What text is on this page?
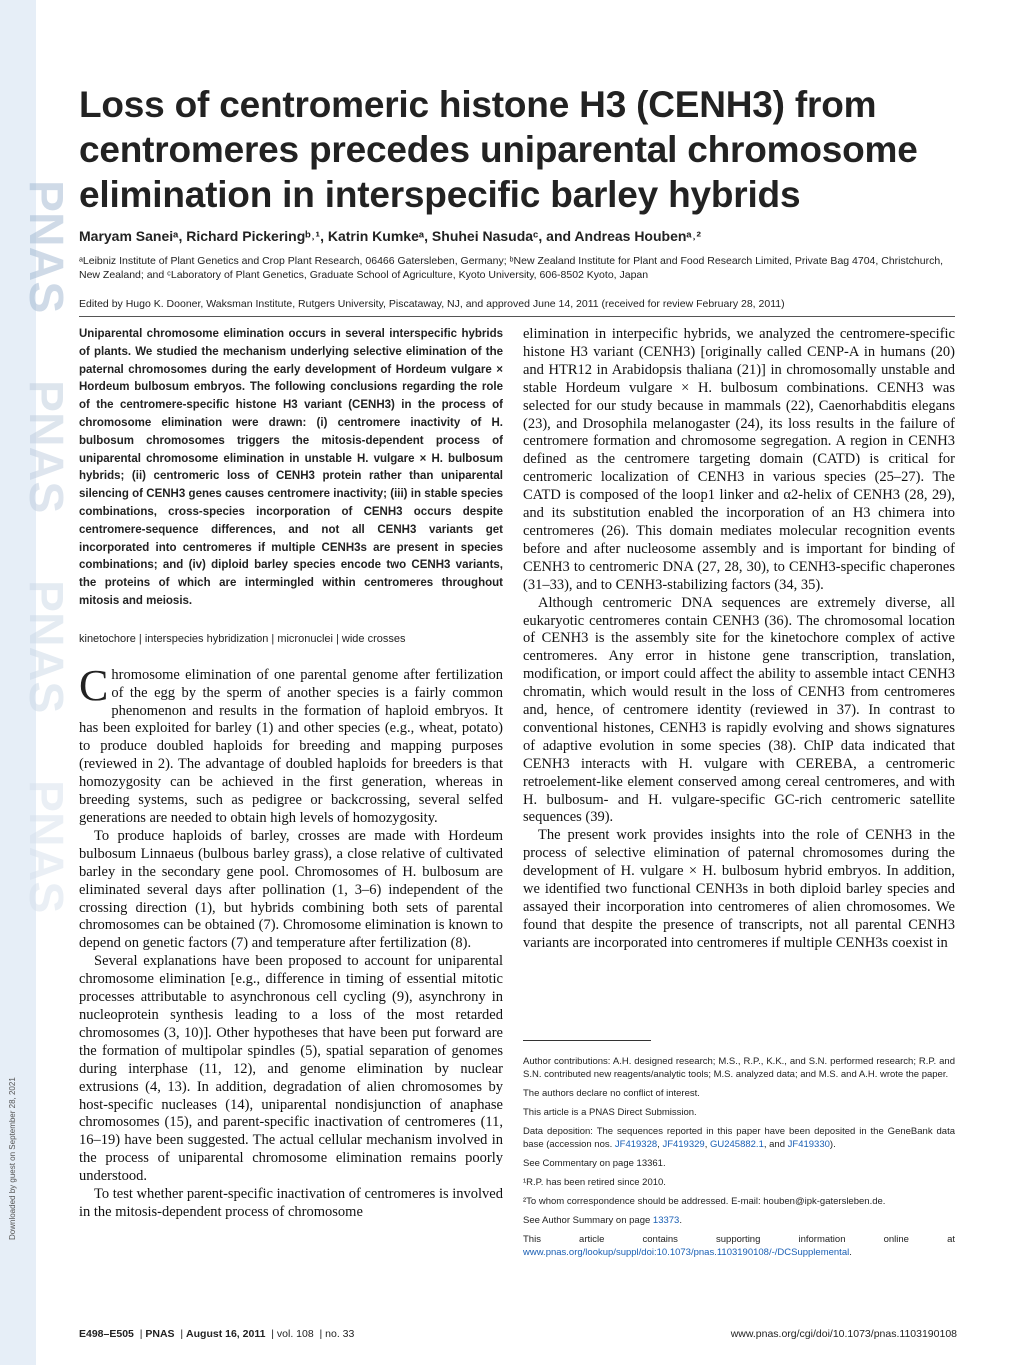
PNAS
PNAS
PNAS
PNAS
Downloaded by guest on September 28, 2021
Loss of centromeric histone H3 (CENH3) from centromeres precedes uniparental chromosome elimination in interspecific barley hybrids
Maryam Saneiᵃ, Richard Pickeringᵇ˒¹, Katrin Kumkeᵃ, Shuhei Nasudaᶜ, and Andreas Houbenᵃ˒²
ᵃLeibniz Institute of Plant Genetics and Crop Plant Research, 06466 Gatersleben, Germany; ᵇNew Zealand Institute for Plant and Food Research Limited, Private Bag 4704, Christchurch, New Zealand; and ᶜLaboratory of Plant Genetics, Graduate School of Agriculture, Kyoto University, 606-8502 Kyoto, Japan
Edited by Hugo K. Dooner, Waksman Institute, Rutgers University, Piscataway, NJ, and approved June 14, 2011 (received for review February 28, 2011)
Uniparental chromosome elimination occurs in several interspecific hybrids of plants. We studied the mechanism underlying selective elimination of the paternal chromosomes during the early development of Hordeum vulgare × Hordeum bulbosum embryos. The following conclusions regarding the role of the centromere-specific histone H3 variant (CENH3) in the process of chromosome elimination were drawn: (i) centromere inactivity of H. bulbosum chromosomes triggers the mitosis-dependent process of uniparental chromosome elimination in unstable H. vulgare × H. bulbosum hybrids; (ii) centromeric loss of CENH3 protein rather than uniparental silencing of CENH3 genes causes centromere inactivity; (iii) in stable species combinations, cross-species incorporation of CENH3 occurs despite centromere-sequence differences, and not all CENH3 variants get incorporated into centromeres if multiple CENH3s are present in species combinations; and (iv) diploid barley species encode two CENH3 variants, the proteins of which are intermingled within centromeres throughout mitosis and meiosis.
kinetochore | interspecies hybridization | micronuclei | wide crosses

Chromosome elimination of one parental genome after fertilization of the egg by the sperm of another species is a fairly common phenomenon and results in the formation of haploid embryos. It has been exploited for barley (1) and other species (e.g., wheat, potato) to produce doubled haploids for breeding and mapping purposes (reviewed in 2). The advantage of doubled haploids for breeders is that homozygosity can be achieved in the first generation, whereas in breeding systems, such as pedigree or backcrossing, several selfed generations are needed to obtain high levels of homozygosity.

To produce haploids of barley, crosses are made with Hordeum bulbosum Linnaeus (bulbous barley grass), a close relative of cultivated barley in the secondary gene pool. Chromosomes of H. bulbosum are eliminated several days after pollination (1, 3–6) independent of the crossing direction (1), but hybrids combining both sets of parental chromosomes can be obtained (7). Chromosome elimination is known to depend on genetic factors (7) and temperature after fertilization (8).

Several explanations have been proposed to account for uniparental chromosome elimination [e.g., difference in timing of essential mitotic processes attributable to asynchronous cell cycling (9), asynchrony in nucleoprotein synthesis leading to a loss of the most retarded chromosomes (3, 10)]. Other hypotheses that have been put forward are the formation of multipolar spindles (5), spatial separation of genomes during interphase (11, 12), and genome elimination by nuclear extrusions (4, 13). In addition, degradation of alien chromosomes by host-specific nucleases (14), uniparental nondisjunction of anaphase chromosomes (15), and parent-specific inactivation of centromeres (11, 16–19) have been suggested. The actual cellular mechanism involved in the process of uniparental chromosome elimination remains poorly understood.

To test whether parent-specific inactivation of centromeres is involved in the mitosis-dependent process of chromosome

elimination in interpecific hybrids, we analyzed the centromere-specific histone H3 variant (CENH3) [originally called CENP-A in humans (20) and HTR12 in Arabidopsis thaliana (21)] in chromosomally unstable and stable Hordeum vulgare × H. bulbosum combinations. CENH3 was selected for our study because in mammals (22), Caenorhabditis elegans (23), and Drosophila melanogaster (24), its loss results in the failure of centromere formation and chromosome segregation. A region in CENH3 defined as the centromere targeting domain (CATD) is critical for centromeric localization of CENH3 in various species (25–27). The CATD is composed of the loop1 linker and α2-helix of CENH3 (28, 29), and its substitution enabled the incorporation of an H3 chimera into centromeres (26). This domain mediates molecular recognition events before and after nucleosome assembly and is important for binding of CENH3 to centromeric DNA (27, 28, 30), to CENH3-specific chaperones (31–33), and to CENH3-stabilizing factors (34, 35).

Although centromeric DNA sequences are extremely diverse, all eukaryotic centromeres contain CENH3 (36). The chromosomal location of CENH3 is the assembly site for the kinetochore complex of active centromeres. Any error in histone gene transcription, translation, modification, or import could affect the ability to assemble intact CENH3 chromatin, which would result in the loss of CENH3 from centromeres and, hence, of centromere identity (reviewed in 37). In contrast to conventional histones, CENH3 is rapidly evolving and shows signatures of adaptive evolution in some species (38). ChIP data indicated that CENH3 interacts with H. vulgare with CEREBA, a centromeric retroelement-like element conserved among cereal centromeres, and with H. bulbosum- and H. vulgare-specific GC-rich centromeric satellite sequences (39).

The present work provides insights into the role of CENH3 in the process of selective elimination of paternal chromosomes during the development of H. vulgare × H. bulbosum hybrid embryos. In addition, we identified two functional CENH3s in both diploid barley species and assayed their incorporation into centromeres of alien chromosomes. We found that despite the presence of transcripts, not all parental CENH3 variants are incorporated into centromeres if multiple CENH3s coexist in

Author contributions: A.H. designed research; M.S., R.P., K.K., and S.N. performed research; R.P. and S.N. contributed new reagents/analytic tools; M.S. analyzed data; and M.S. and A.H. wrote the paper.

The authors declare no conflict of interest.

This article is a PNAS Direct Submission.

Data deposition: The sequences reported in this paper have been deposited in the GeneBank data base (accession nos. JF419328, JF419329, GU245882.1, and JF419330).

See Commentary on page 13361.

¹R.P. has been retired since 2010.

²To whom correspondence should be addressed. E-mail: houben@ipk-gatersleben.de.

See Author Summary on page 13373.

This article contains supporting information online at www.pnas.org/lookup/suppl/doi:10.1073/pnas.1103190108/-/DCSupplemental.

E498–E505  | PNAS  | August 16, 2011  | vol. 108  | no. 33	www.pnas.org/cgi/doi/10.1073/pnas.1103190108
